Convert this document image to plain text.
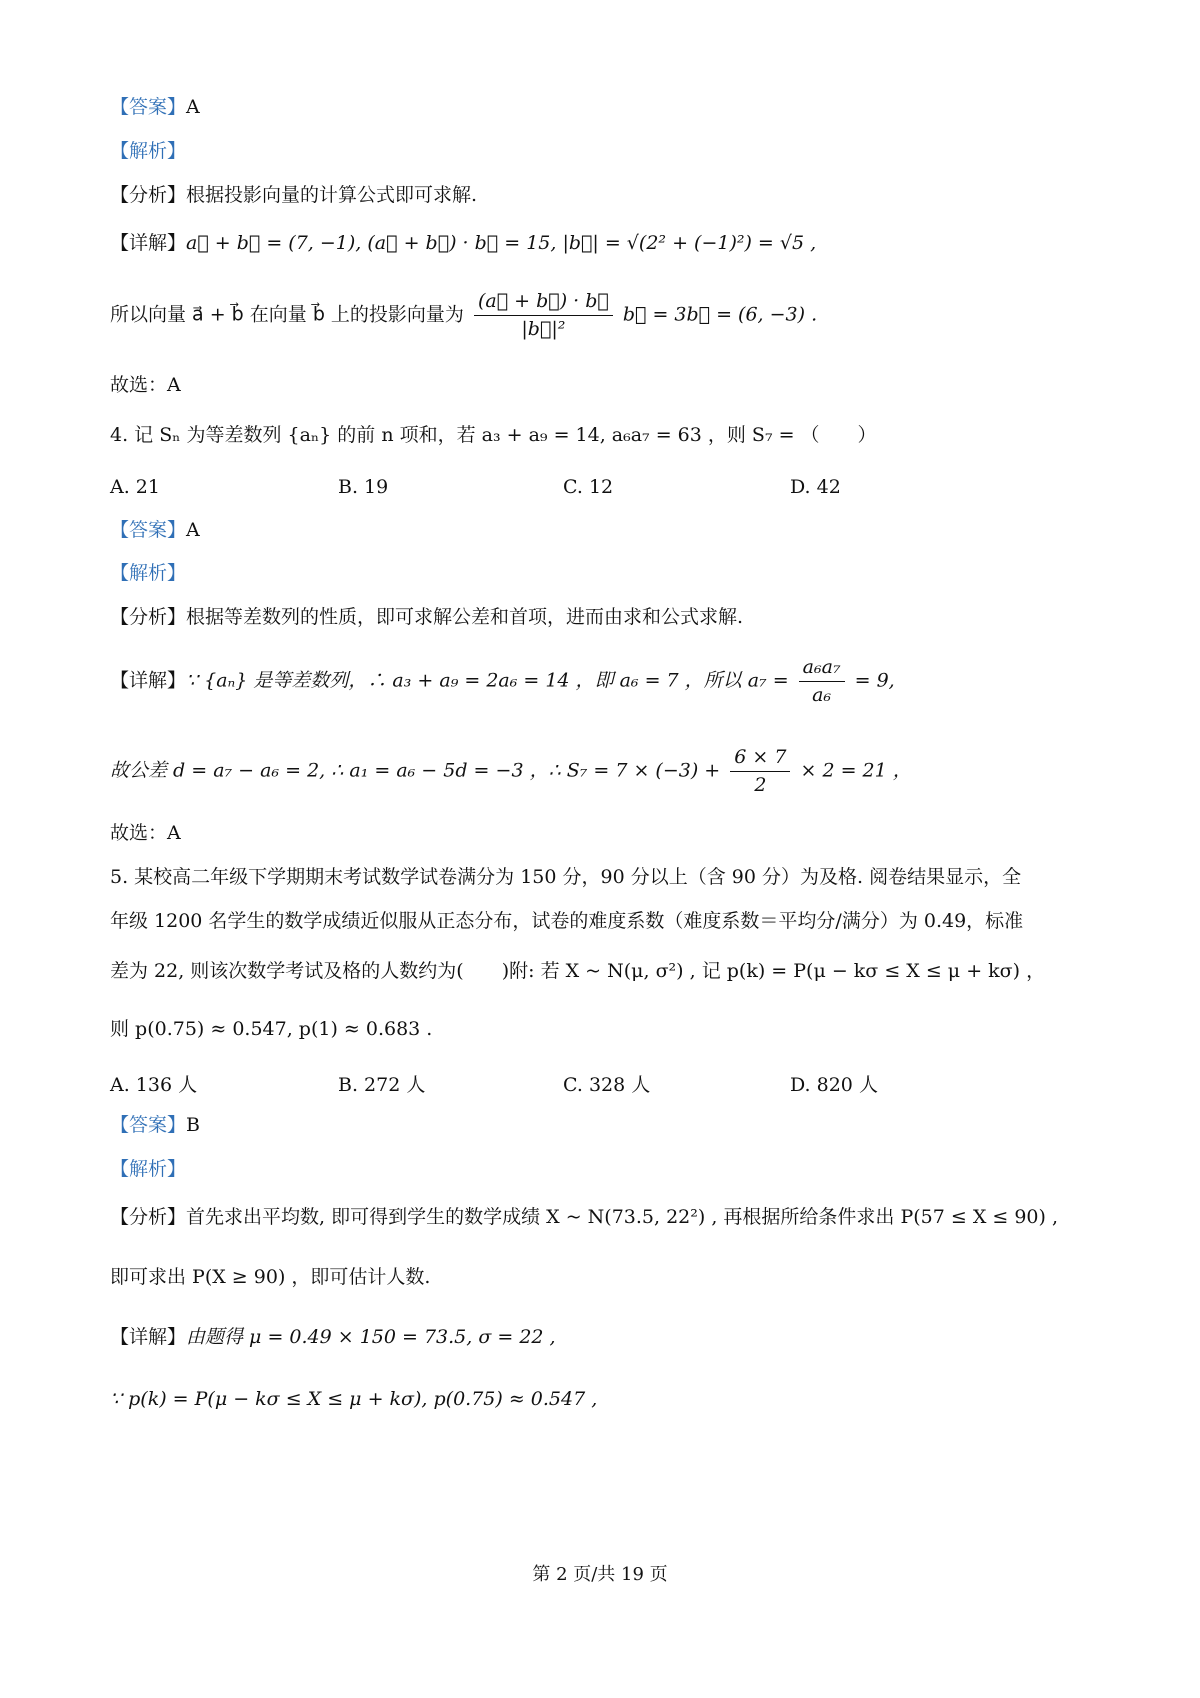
【答案】A
【解析】
【分析】根据投影向量的计算公式即可求解.
【详解】a⃗ + b⃗ = (7, −1), (a⃗ + b⃗) · b⃗ = 15, |b⃗| = √(2² + (−1)²) = √5 ,
所以向量 a⃗ + b⃗ 在向量 b⃗ 上的投影向量为 $\frac{(a⃗ + b⃗) \cdot b⃗}{\text{|b⃗|²}}$ b⃗ = 3b⃗ = (6, −3) .
故选：A
4. 记 Sₙ 为等差数列 {aₙ} 的前 n 项和，若 a₃ + a₉ = 14, a₆a₇ = 63 ，则 S₇ = （　　）
A. 21	B. 19	C. 12	D. 42
【答案】A
【解析】
【分析】根据等差数列的性质，即可求解公差和首项，进而由求和公式求解.
【详解】∵ {aₙ} 是等差数列，∴ a₃ + a₉ = 2a₆ = 14 ，即 a₆ = 7 ，所以 $a_7 = \frac{\text{a₆a₇}}{\text{a₆}} = 9$,
故公差 d = a₇ − a₆ = 2, ∴ a₁ = a₆ − 5d = −3 ，∴ $S_7 = 7 \times (-3) + \frac{6 \times 7}{2} \times 2 = 21$ ，
故选：A
5. 某校高二年级下学期期末考试数学试卷满分为 150 分，90 分以上（含 90 分）为及格. 阅卷结果显示，全
年级 1200 名学生的数学成绩近似服从正态分布，试卷的难度系数（难度系数＝平均分/满分）为 0.49，标准
差为 22, 则该次数学考试及格的人数约为(　　)附: 若 X ~ N(μ, σ²) , 记 p(k) = P(μ − kσ ≤ X ≤ μ + kσ) ，
则 p(0.75) ≈ 0.547, p(1) ≈ 0.683 .
A. 136 人	B. 272 人	C. 328 人	D. 820 人
【答案】B
【解析】
【分析】首先求出平均数, 即可得到学生的数学成绩 X ~ N(73.5, 22²) , 再根据所给条件求出 P(57 ≤ X ≤ 90) ,
即可求出 P(X ≥ 90) ，即可估计人数.
【详解】由题得 μ = 0.49 × 150 = 73.5, σ = 22 ,
∵ p(k) = P(μ − kσ ≤ X ≤ μ + kσ), p(0.75) ≈ 0.547 ,
第 2 页/共 19 页
